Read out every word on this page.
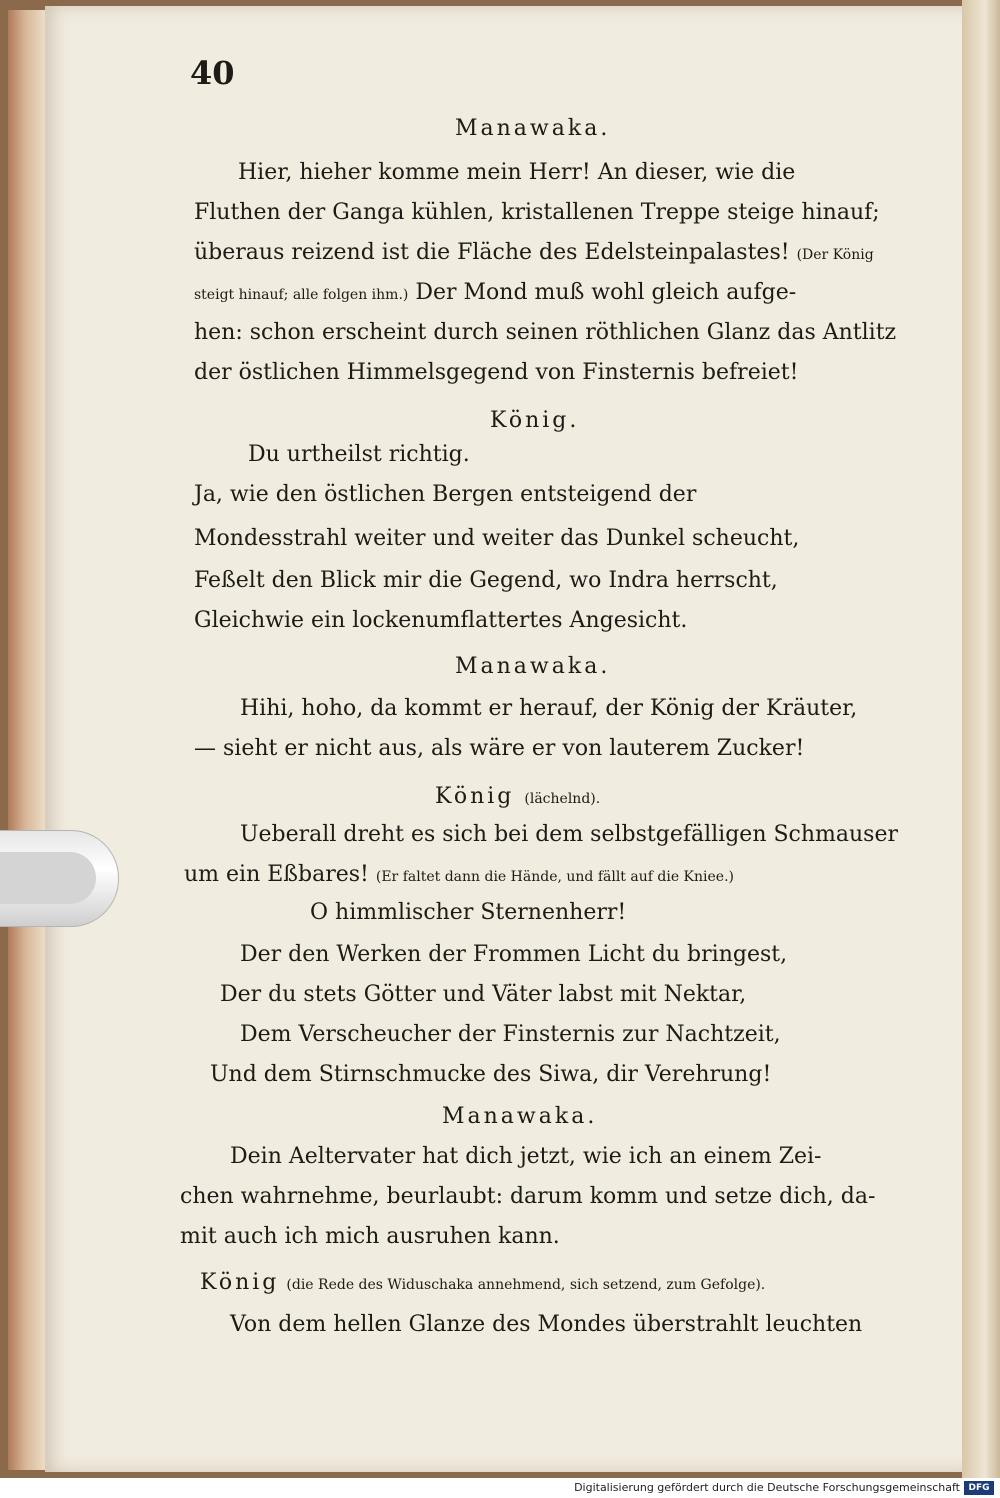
40
Manawaka.
Hier, hieher komme mein Herr! An dieser, wie die
Fluthen der Ganga kühlen, kristallenen Treppe steige hinauf;
überaus reizend ist die Fläche des Edelsteinpalastes! (Der König
steigt hinauf; alle folgen ihm.) Der Mond muß wohl gleich aufge-
hen: schon erscheint durch seinen röthlichen Glanz das Antlitz
der östlichen Himmelsgegend von Finsternis befreiet!
König.
Du urtheilst richtig.
Ja, wie den östlichen Bergen entsteigend der
Mondesstrahl weiter und weiter das Dunkel scheucht,
Feßelt den Blick mir die Gegend, wo Indra herrscht,
Gleichwie ein lockenumflattertes Angesicht.
Manawaka.
Hihi, hoho, da kommt er herauf, der König der Kräuter,
— sieht er nicht aus, als wäre er von lauterem Zucker!
König (lächelnd).
Ueberall dreht es sich bei dem selbstgefälligen Schmauser
um ein Eßbares! (Er faltet dann die Hände, und fällt auf die Kniee.)
O himmlischer Sternenherr!
Der den Werken der Frommen Licht du bringest,
Der du stets Götter und Väter labst mit Nektar,
Dem Verscheucher der Finsternis zur Nachtzeit,
Und dem Stirnschmucke des Siwa, dir Verehrung!
Manawaka.
Dein Aeltervater hat dich jetzt, wie ich an einem Zei-
chen wahrnehme, beurlaubt: darum komm und setze dich, da-
mit auch ich mich ausruhen kann.
König (die Rede des Widuschaka annehmend, sich setzend, zum Gefolge).
Von dem hellen Glanze des Mondes überstrahlt leuchten
Digitalisierung gefördert durch die Deutsche Forschungsgemeinschaft DFG
